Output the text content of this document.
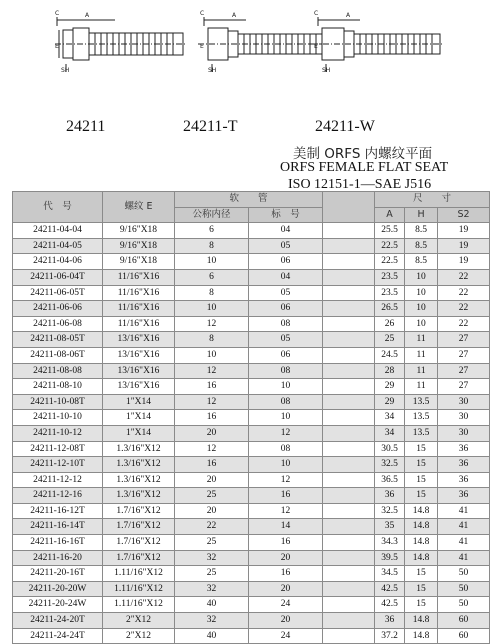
C	A
E
SH
C	A
E
SH
C	A
E
SH
24211	24211-T	24211-W
美制 ORFS 内螺纹平面
ORFS FEMALE FLAT SEAT
ISO 12151-1—SAE J516
代　号	螺纹 E	软　　管			尺　　寸		
		公称内径	标　号		A	H	S2
24211-04-04	9/16"X18	6	04		25.5	8.5	19
24211-04-05	9/16"X18	8	05		22.5	8.5	19
24211-04-06	9/16"X18	10	06		22.5	8.5	19
24211-06-04T	11/16"X16	6	04		23.5	10	22
24211-06-05T	11/16"X16	8	05		23.5	10	22
24211-06-06	11/16"X16	10	06		26.5	10	22
24211-06-08	11/16"X16	12	08		26	10	22
24211-08-05T	13/16"X16	8	05		25	11	27
24211-08-06T	13/16"X16	10	06		24.5	11	27
24211-08-08	13/16"X16	12	08		28	11	27
24211-08-10	13/16"X16	16	10		29	11	27
24211-10-08T	1"X14	12	08		29	13.5	30
24211-10-10	1"X14	16	10		34	13.5	30
24211-10-12	1"X14	20	12		34	13.5	30
24211-12-08T	1.3/16"X12	12	08		30.5	15	36
24211-12-10T	1.3/16"X12	16	10		32.5	15	36
24211-12-12	1.3/16"X12	20	12		36.5	15	36
24211-12-16	1.3/16"X12	25	16		36	15	36
24211-16-12T	1.7/16"X12	20	12		32.5	14.8	41
24211-16-14T	1.7/16"X12	22	14		35	14.8	41
24211-16-16T	1.7/16"X12	25	16		34.3	14.8	41
24211-16-20	1.7/16"X12	32	20		39.5	14.8	41
24211-20-16T	1.11/16"X12	25	16		34.5	15	50
24211-20-20W	1.11/16"X12	32	20		42.5	15	50
24211-20-24W	1.11/16"X12	40	24		42.5	15	50
24211-24-20T	2"X12	32	20		36	14.8	60
24211-24-24T	2"X12	40	24		37.2	14.8	60
